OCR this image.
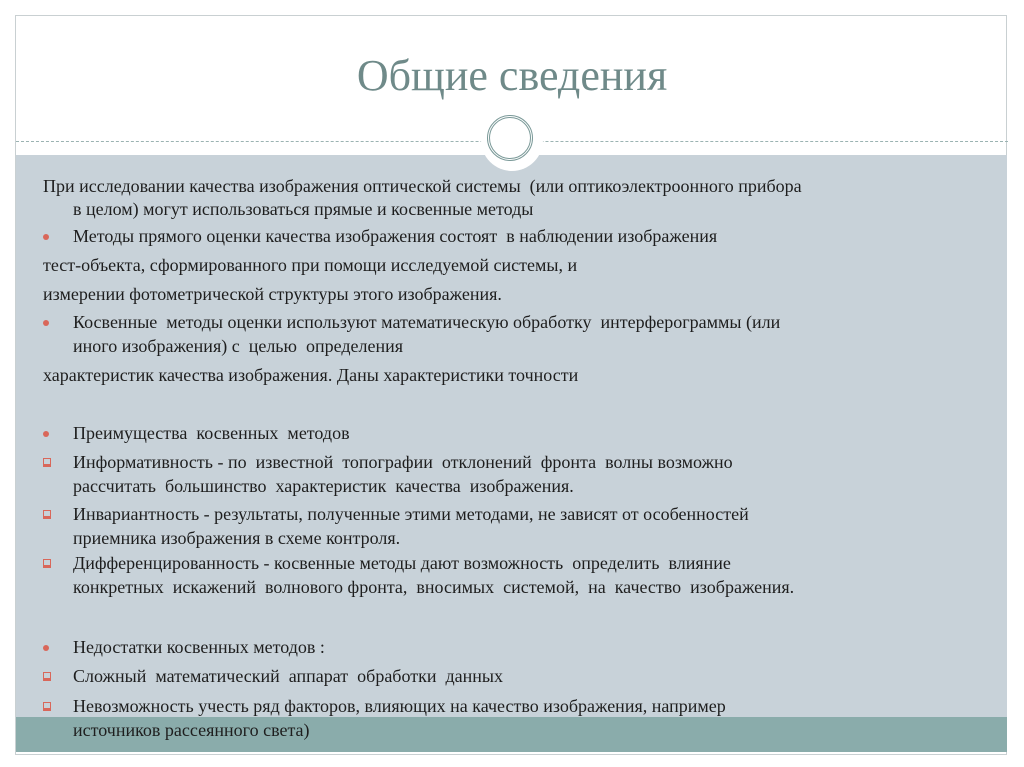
Общие сведения
При исследовании качества изображения оптической системы  (или оптикоэлектроонного прибора
в целом) могут использоваться прямые и косвенные методы
Методы прямого оценки качества изображения состоят  в наблюдении изображения
тест-объекта, сформированного при помощи исследуемой системы, и
измерении фотометрической структуры этого изображения.
Косвенные  методы оценки используют математическую обработку  интерферограммы (или
иного изображения) с  целью  определения
характеристик качества изображения. Даны характеристики точности
Преимущества  косвенных  методов
Информативность - по  известной  топографии  отклонений  фронта  волны возможно
рассчитать  большинство  характеристик  качества  изображения.
Инвариантность - результаты, полученные этими методами, не зависят от особенностей
приемника изображения в схеме контроля.
Дифференцированность - косвенные методы дают возможность  определить  влияние
конкретных  искажений  волнового фронта,  вносимых  системой,  на  качество  изображения.
Недостатки косвенных методов :
Сложный  математический  аппарат  обработки  данных
Невозможность учесть ряд факторов, влияющих на качество изображения, например
источников рассеянного света)
